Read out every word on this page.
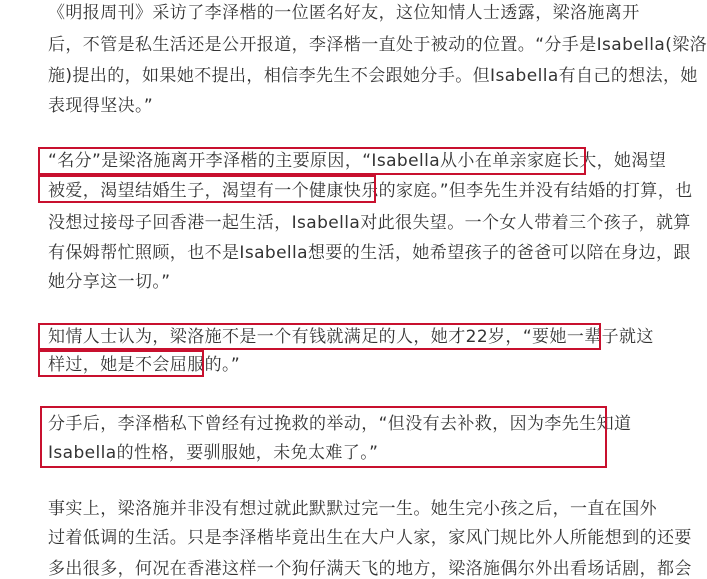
《明报周刊》采访了李泽楷的一位匿名好友，这位知情人士透露，梁洛施离开
后，不管是私生活还是公开报道，李泽楷一直处于被动的位置。“分手是Isabella(梁洛
施)提出的，如果她不提出，相信李先生不会跟她分手。但Isabella有自己的想法，她
表现得坚决。”
“名分”是梁洛施离开李泽楷的主要原因，“Isabella从小在单亲家庭长大，她渴望
被爱，渴望结婚生子，渴望有一个健康快乐的家庭。”但李先生并没有结婚的打算，也
没想过接母子回香港一起生活，Isabella对此很失望。一个女人带着三个孩子，就算
有保姆帮忙照顾，也不是Isabella想要的生活，她希望孩子的爸爸可以陪在身边，跟
她分享这一切。”
知情人士认为，梁洛施不是一个有钱就满足的人，她才22岁，“要她一辈子就这
样过，她是不会屈服的。”
分手后，李泽楷私下曾经有过挽救的举动，“但没有去补救，因为李先生知道
Isabella的性格，要驯服她，未免太难了。”
事实上，梁洛施并非没有想过就此默默过完一生。她生完小孩之后，一直在国外
过着低调的生活。只是李泽楷毕竟出生在大户人家，家风门规比外人所能想到的还要
多出很多，何况在香港这样一个狗仔满天飞的地方，梁洛施偶尔外出看场话剧，都会
